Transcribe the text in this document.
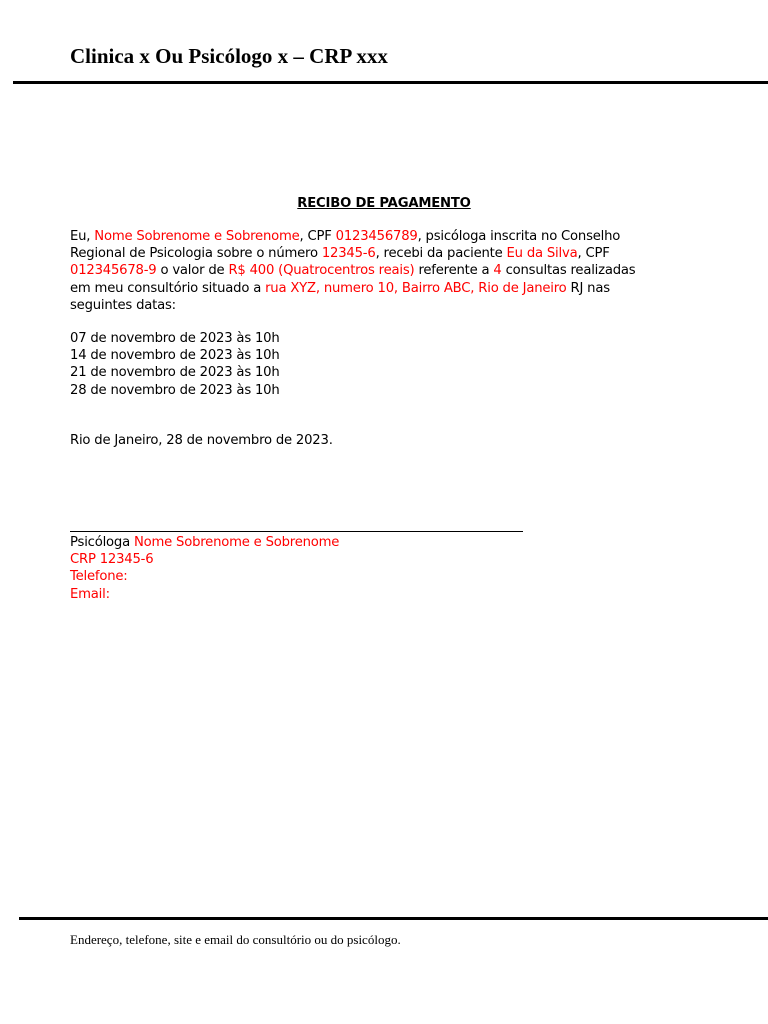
Clinica x Ou Psicólogo x – CRP xxx
RECIBO DE PAGAMENTO
Eu, Nome Sobrenome e Sobrenome, CPF 0123456789, psicóloga inscrita no Conselho
Regional de Psicologia sobre o número 12345-6, recebi da paciente Eu da Silva, CPF
012345678-9 o valor de R$ 400 (Quatrocentros reais) referente a 4 consultas realizadas
em meu consultório situado a rua XYZ, numero 10, Bairro ABC, Rio de Janeiro RJ nas
seguintes datas:
07 de novembro de 2023 às 10h
14 de novembro de 2023 às 10h
21 de novembro de 2023 às 10h
28 de novembro de 2023 às 10h
Rio de Janeiro, 28 de novembro de 2023.
Psicóloga Nome Sobrenome e Sobrenome
CRP 12345-6
Telefone:
Email:
Endereço, telefone, site e email do consultório ou do psicólogo.
